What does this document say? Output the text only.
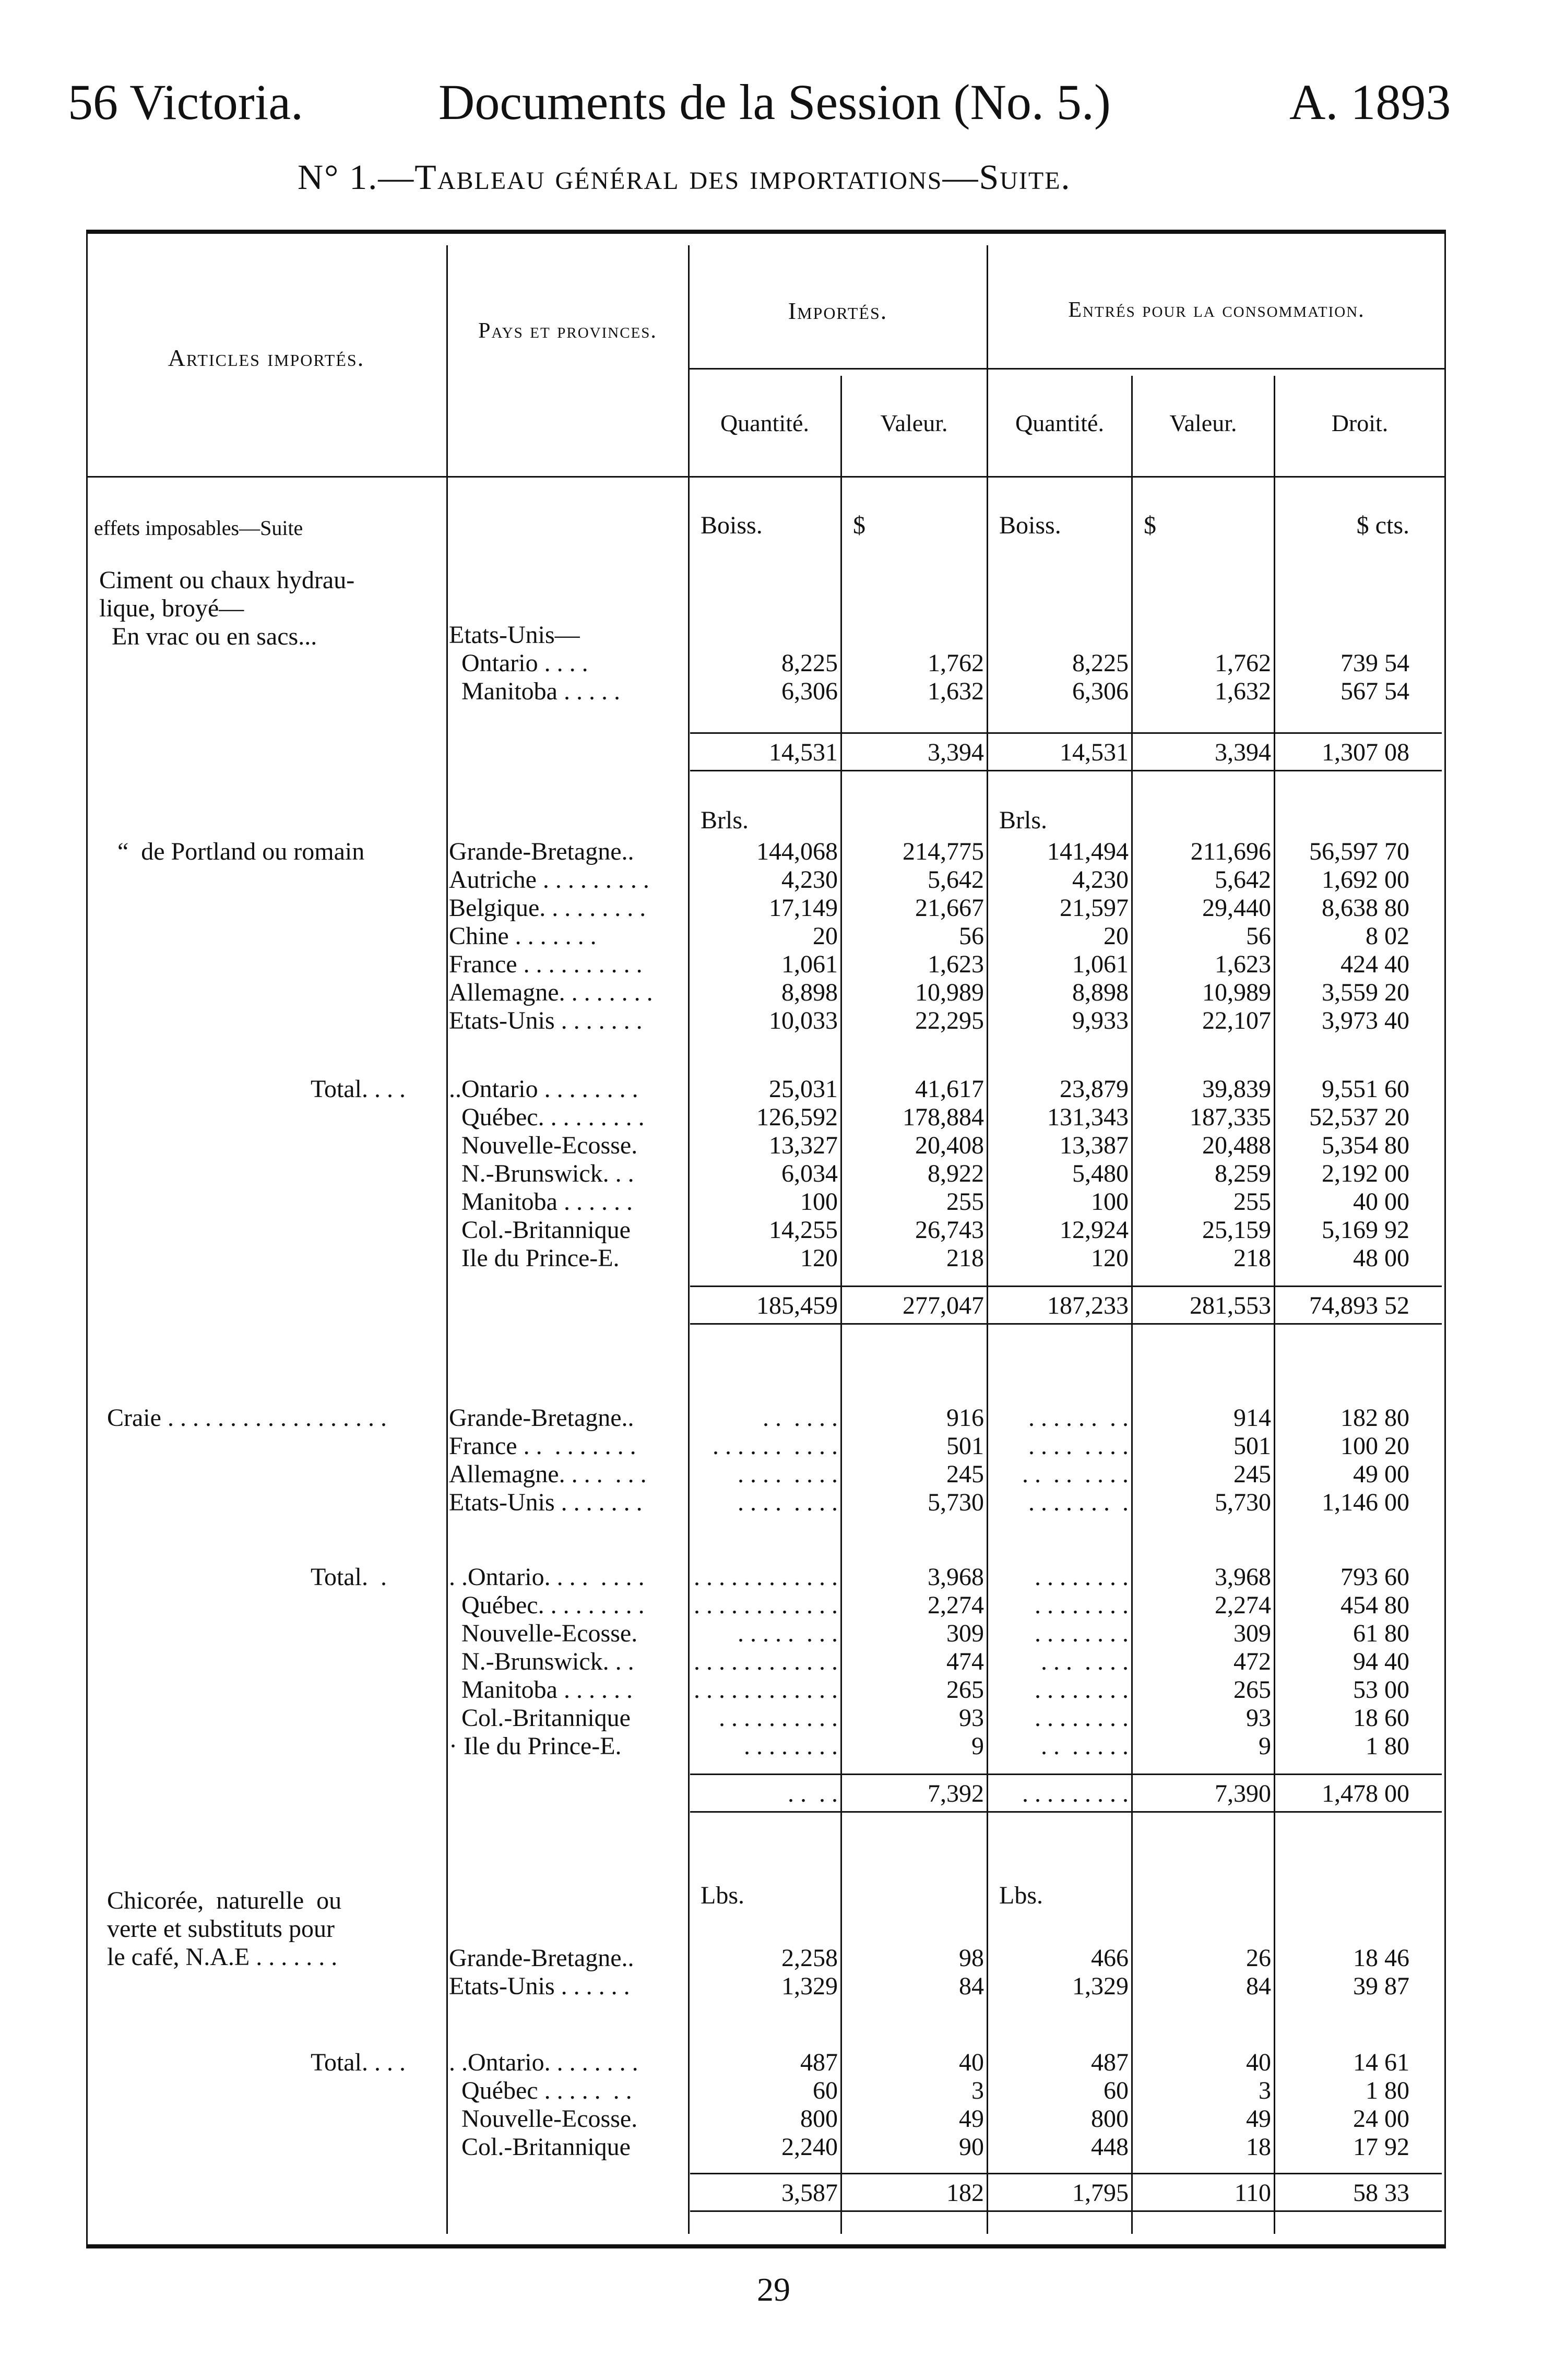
56 Victoria.	Documents de la Session (No. 5.)	A. 1893
N° 1.—Tableau général des importations—Suite.
Articles importés.
Pays et provinces.
Importés.	Entrés pour la consommation.
Quantité.	Valeur.	Quantité.	Valeur.	Droit.
effets imposables—Suite	Boiss.	$	Boiss.	$	$ cts.
Ciment ou chaux hydrau-
lique, broyé—
En vrac ou en sacs...	Etats-Unis—
Ontario . . . .	8,225	1,762	8,225	1,762	739 54
Manitoba . . . . .	6,306	1,632	6,306	1,632	567 54
14,531	3,394	14,531	3,394	1,307 08
Brls.	Brls.
“  de Portland ou romain	Grande-Bretagne..	144,068	214,775	141,494	211,696	56,597 70
Autriche . . . . . . . . .	4,230	5,642	4,230	5,642	1,692 00
Belgique. . . . . . . . .	17,149	21,667	21,597	29,440	8,638 80
Chine . . . . . . .	20	56	20	56	8 02
France . . . . . . . . . .	1,061	1,623	1,061	1,623	424 40
Allemagne. . . . . . . .	8,898	10,989	8,898	10,989	3,559 20
Etats-Unis . . . . . . .	10,033	22,295	9,933	22,107	3,973 40
Total. . . .	..Ontario . . . . . . . .	25,031	41,617	23,879	39,839	9,551 60
Québec. . . . . . . . .	126,592	178,884	131,343	187,335	52,537 20
Nouvelle-Ecosse.	13,327	20,408	13,387	20,488	5,354 80
N.-Brunswick. . .	6,034	8,922	5,480	8,259	2,192 00
Manitoba . . . . . .	100	255	100	255	40 00
Col.-Britannique	14,255	26,743	12,924	25,159	5,169 92
Ile du Prince-E.	120	218	120	218	48 00
185,459	277,047	187,233	281,553	74,893 52
Craie . . . . . . . . . . . . . . . . . .	Grande-Bretagne..	. .  . . . .	916	. . . . . .  . .	914	182 80
France . .  . . . . . . .	. . . . . .  . . . .	501	. . . .  . . . .	501	100 20
Allemagne. . . .  . . .	. . . .  . . . .	245	. .  . .  . . . .	245	49 00
Etats-Unis . . . . . . .	. . . .  . . . .	5,730	. . . . . . .  .	5,730	1,146 00
Total.  .	. .Ontario. . . .  . . . .	. . . . . . . . . . . .	3,968	. . . . . . . .	3,968	793 60
Québec. . . . . . . . .	. . . . . . . . . . . .	2,274	. . . . . . . .	2,274	454 80
Nouvelle-Ecosse.	. . . . .  . . .	309	. . . . . . . .	309	61 80
N.-Brunswick. . .	. . . . . . . . . . . .	474	. . .  . . . .	472	94 40
Manitoba . . . . . .	. . . . . . . . . . . .	265	. . . . . . . .	265	53 00
Col.-Britannique	. . . . . . . . . .	93	. . . . . . . .	93	18 60
· Ile du Prince-E.	. . . . . . . .	9	. .  . . . . .	9	1 80
. .  . .	7,392	. . . . . . . . .	7,390	1,478 00
Lbs.	Lbs.
Chicorée,  naturelle  ou
verte et substituts pour
le café, N.A.E . . . . . . .	Grande-Bretagne..	2,258	98	466	26	18 46
Etats-Unis . . . . . .	1,329	84	1,329	84	39 87
Total. . . .	. .Ontario. . . . . . . .	487	40	487	40	14 61
Québec . . . . .  . .	60	3	60	3	1 80
Nouvelle-Ecosse.	800	49	800	49	24 00
Col.-Britannique	2,240	90	448	18	17 92
3,587	182	1,795	110	58 33
29
